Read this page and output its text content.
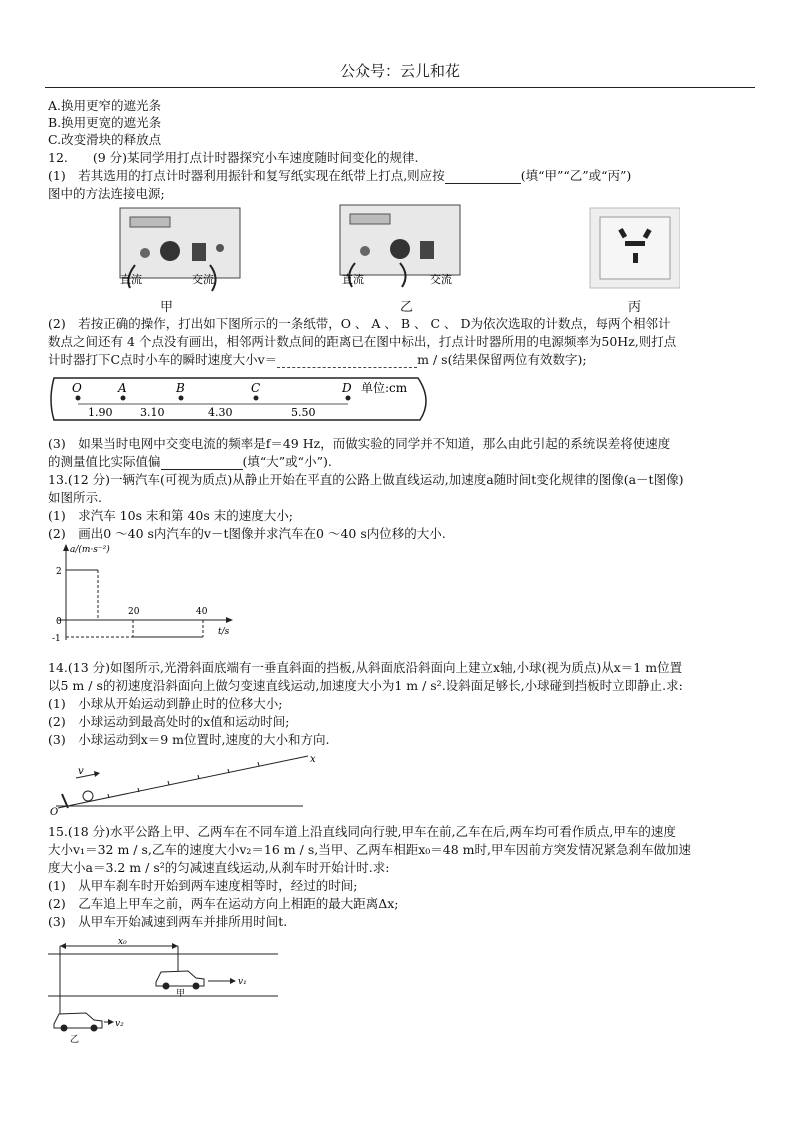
公众号：云儿和花
A.换用更窄的遮光条
B.换用更宽的遮光条
C.改变滑块的释放点
12.　　(9 分)某同学用打点计时器探究小车速度随时间变化的规律.
(1)　若其选用的打点计时器利用振针和复写纸实现在纸带上打点,则应按	(填“甲”“乙”或“丙”)
图中的方法连接电源;
直流	交流	直流	交流
甲	乙	丙
(2)　若按正确的操作，打出如下图所示的一条纸带，O 、 A 、 B 、 C 、 D为依次选取的计数点，每两个相邻计
数点之间还有 4 个点没有画出，相邻两计数点间的距离已在图中标出，打点计时器所用的电源频率为50Hz,则打点
计时器打下C点时小车的瞬时速度大小v＝	m / s(结果保留两位有效数字);
O	A	B	C	D
1.90	3.10	4.30	5.50
单位:cm
(3)　如果当时电网中交变电流的频率是f＝49 Hz，而做实验的同学并不知道，那么由此引起的系统误差将使速度
的测量值比实际值偏	(填“大”或“小”).
13.(12 分)一辆汽车(可视为质点)从静止开始在平直的公路上做直线运动,加速度a随时间t变化规律的图像(a－t图像)
如图所示.
(1)　求汽车 10s 末和第 40s 末的速度大小;
(2)　画出0 ～40 s内汽车的v－t图像并求汽车在0 ～40 s内位移的大小.
a/(m·s⁻²)
2
0
-1
20	40
t/s
14.(13 分)如图所示,光滑斜面底端有一垂直斜面的挡板,从斜面底沿斜面向上建立x轴,小球(视为质点)从x＝1 m位置
以5 m / s的初速度沿斜面向上做匀变速直线运动,加速度大小为1 m / s².设斜面足够长,小球碰到挡板时立即静止.求:
(1)　小球从开始运动到静止时的位移大小;
(2)　小球运动到最高处时的x值和运动时间;
(3)　小球运动到x＝9 m位置时,速度的大小和方向.
v
x
O
15.(18 分)水平公路上甲、乙两车在不同车道上沿直线同向行驶,甲车在前,乙车在后,两车均可看作质点,甲车的速度
大小v₁＝32 m / s,乙车的速度大小v₂＝16 m / s,当甲、乙两车相距x₀＝48 m时,甲车因前方突发情况紧急刹车做加速
度大小a＝3.2 m / s²的匀减速直线运动,从刹车时开始计时.求:
(1)　从甲车刹车时开始到两车速度相等时，经过的时间;
(2)　乙车追上甲车之前，两车在运动方向上相距的最大距离Δx;
(3)　从甲车开始减速到两车并排所用时间t.
x₀
v₁
甲
v₂
乙
